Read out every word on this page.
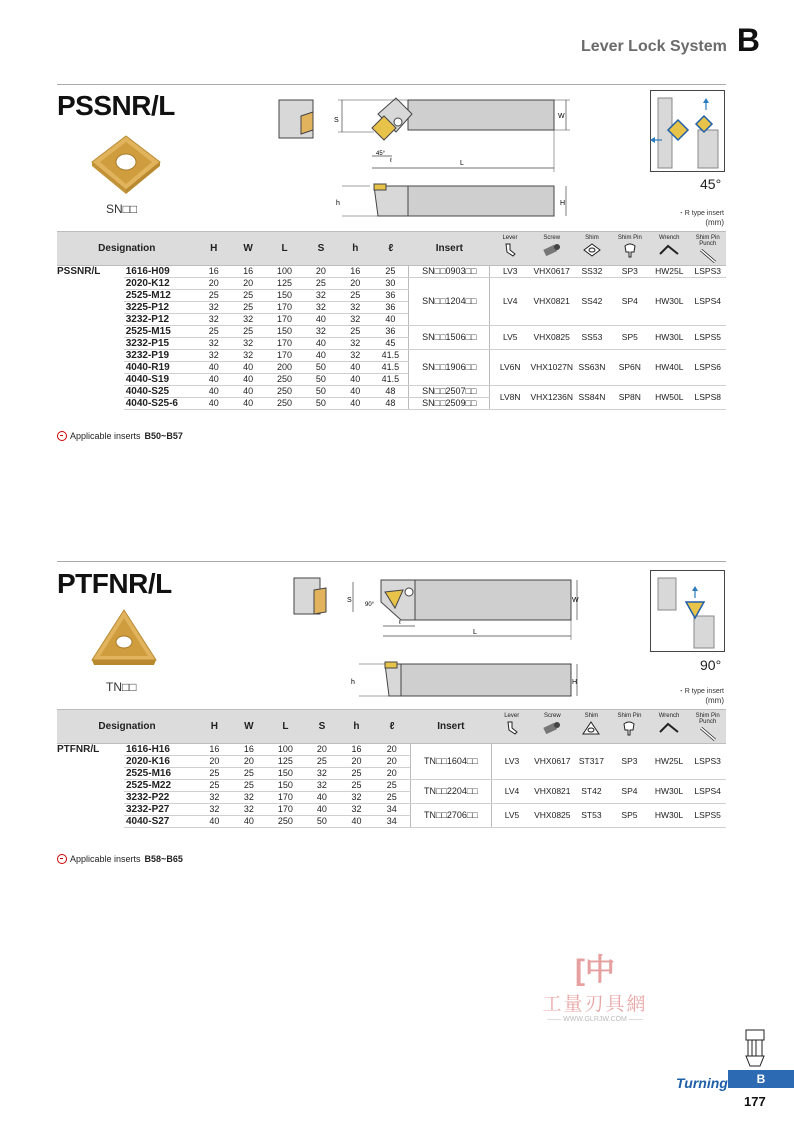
Lever Lock System B
PSSNR/L
SN□□
S
W
L
ℓ
45°
h	H
45°
・R type insert
(mm)
Designation		H	W	L	S	h	ℓ	Insert	Lever	Screw	Shim	Shim Pin	Wrench	Shim Pin Punch

PSSNR/L	1616-H09	16	16	100	20	16	25	SN□□0903□□	LV3	VHX0617	SS32	SP3	HW25L	LSPS3
	2020-K12	20	20	125	25	20	30	SN□□1204□□	LV4	VHX0821	SS42	SP4	HW30L	LSPS4
	2525-M12	25	25	150	32	25	36							
	3225-P12	32	25	170	32	32	36							
	3232-P12	32	32	170	40	32	40							
	2525-M15	25	25	150	32	25	36	SN□□1506□□	LV5	VHX0825	SS53	SP5	HW30L	LSPS5
	3232-P15	32	32	170	40	32	45							
	3232-P19	32	32	170	40	32	41.5	SN□□1906□□	LV6N	VHX1027N	SS63N	SP6N	HW40L	LSPS6
	4040-R19	40	40	200	50	40	41.5							
	4040-S19	40	40	250	50	40	41.5							
	4040-S25	40	40	250	50	40	48	SN□□2507□□	LV8N	VHX1236N	SS84N	SP8N	HW50L	LSPS8
	4040-S25-6	40	40	250	50	40	48	SN□□2509□□						
Applicable inserts B50~B57
PTFNR/L
TN□□
S
90°
W
ℓ
L
h	H
90°
・R type insert
(mm)
Designation		H	W	L	S	h	ℓ	Insert	Lever	Screw	Shim	Shim Pin	Wrench	Shim Pin Punch

PTFNR/L	1616-H16	16	16	100	20	16	20	TN□□1604□□	LV3	VHX0617	ST317	SP3	HW25L	LSPS3
	2020-K16	20	20	125	25	20	20							
	2525-M16	25	25	150	32	25	20							
	2525-M22	25	25	150	32	25	25	TN□□2204□□	LV4	VHX0821	ST42	SP4	HW30L	LSPS4
	3232-P22	32	32	170	40	32	25							
	3232-P27	32	32	170	40	32	34	TN□□2706□□	LV5	VHX0825	ST53	SP5	HW30L	LSPS5
	4040-S27	40	40	250	50	40	34							
Applicable inserts B58~B65
[中
工量刃具網
—— WWW.GLRJW.COM ——
Turning	B
177
